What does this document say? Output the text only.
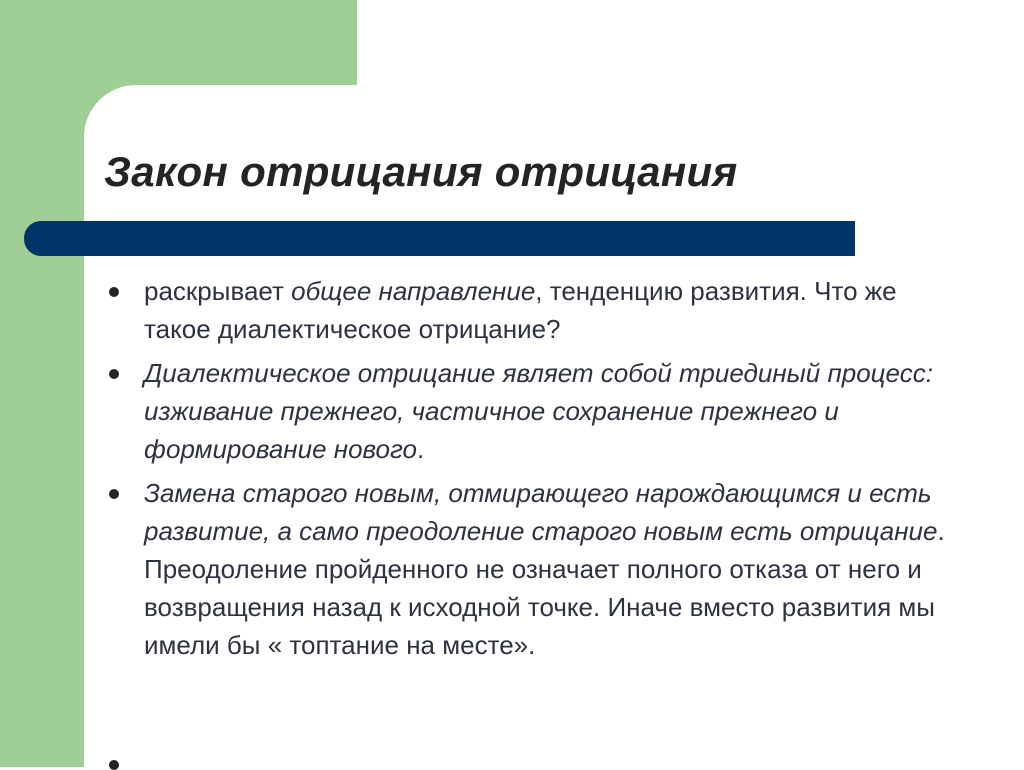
Закон отрицания отрицания
раскрывает общее направление, тенденцию развития. Что же такое диалектическое отрицание?
Диалектическое отрицание являет собой триединый процесс: изживание прежнего, частичное сохранение прежнего и формирование нового.
Замена старого новым, отмирающего нарождающимся и есть развитие, а само преодоление старого новым есть отрицание. Преодоление пройденного не означает полного отказа от него и возвращения назад к исходной точке. Иначе вместо развития мы имели бы « топтание на месте».
